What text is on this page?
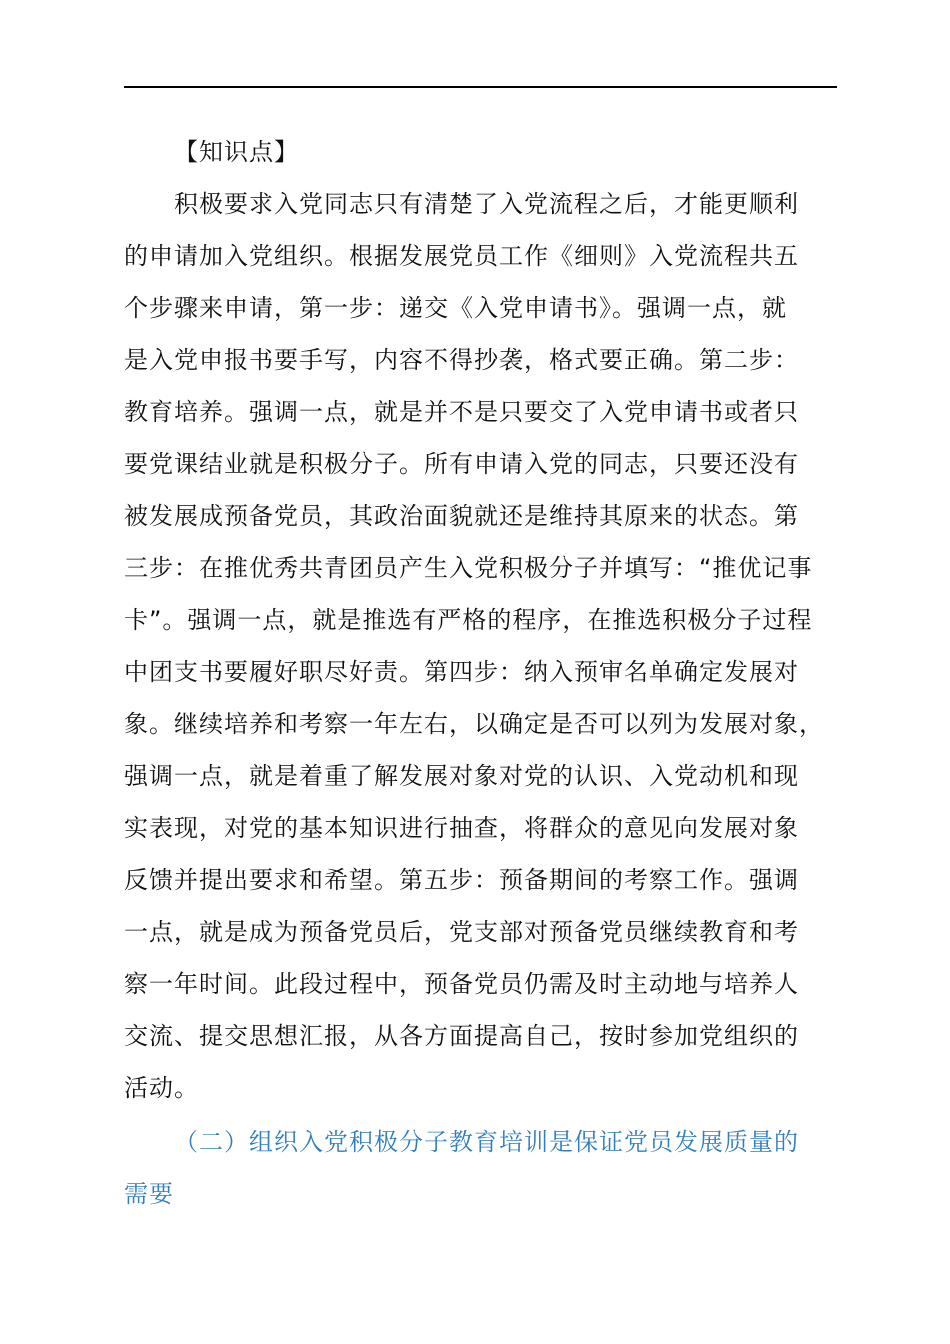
【知识点】
积极要求入党同志只有清楚了入党流程之后，才能更顺利
的申请加入党组织。根据发展党员工作《细则》入党流程共五
个步骤来申请，第一步：递交《入党申请书》。强调一点，就
是入党申报书要手写，内容不得抄袭，格式要正确。第二步：
教育培养。强调一点，就是并不是只要交了入党申请书或者只
要党课结业就是积极分子。所有申请入党的同志，只要还没有
被发展成预备党员，其政治面貌就还是维持其原来的状态。第
三步：在推优秀共青团员产生入党积极分子并填写：“推优记事
卡”。强调一点，就是推选有严格的程序，在推选积极分子过程
中团支书要履好职尽好责。第四步：纳入预审名单确定发展对
象。继续培养和考察一年左右，以确定是否可以列为发展对象，
强调一点，就是着重了解发展对象对党的认识、入党动机和现
实表现，对党的基本知识进行抽查，将群众的意见向发展对象
反馈并提出要求和希望。第五步：预备期间的考察工作。强调
一点，就是成为预备党员后，党支部对预备党员继续教育和考
察一年时间。此段过程中，预备党员仍需及时主动地与培养人
交流、提交思想汇报，从各方面提高自己，按时参加党组织的
活动。
（二）组织入党积极分子教育培训是保证党员发展质量的
需要
